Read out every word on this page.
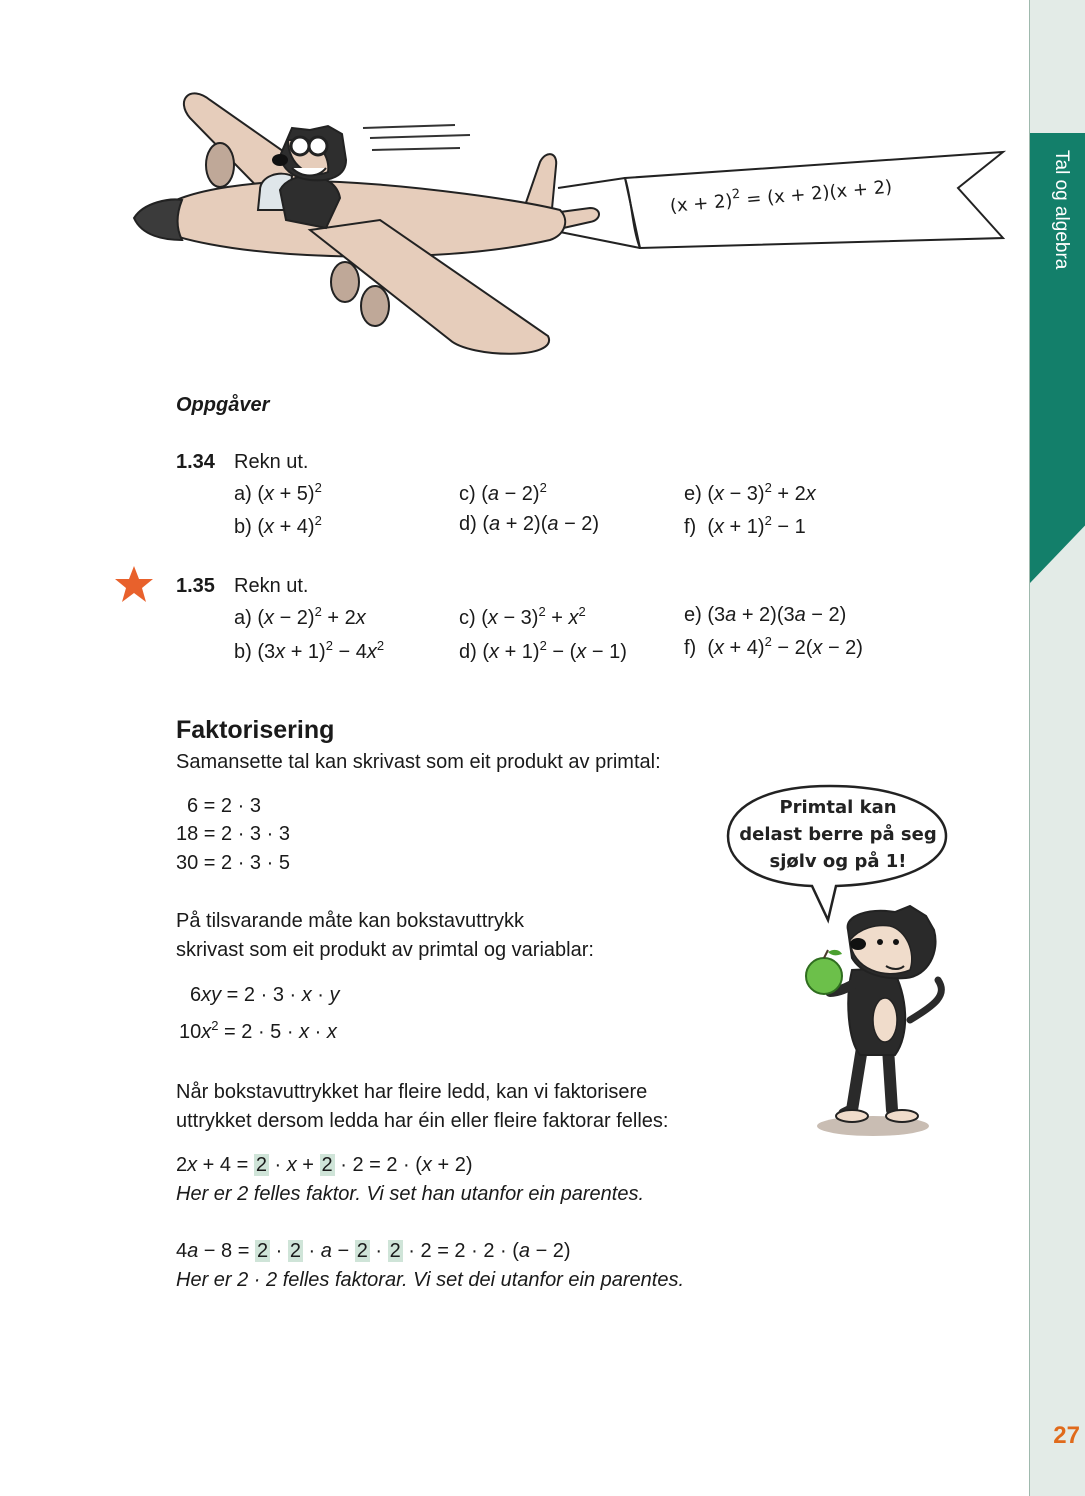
Tal og algebra
27
$(x + 2)^2 = (x + 2)(x + 2)$
Oppgåver
1.34 Rekn ut.
a) $(x + 5)^2$
b) $(x + 4)^2$
c) $(a - 2)^2$
d) (a + 2)(a − 2)
e) $(x - 3)^2 + 2x$
f)  $(x + 1)^2 - 1$
1.35 Rekn ut.
a) $(x - 2)^2 + 2x$
b) $(3x + 1)^2 - 4x^2$
c) $(x - 3)^2 + x^2$
d) $(x + 1)^2 - (x - 1)$
e) (3a + 2)(3a − 2)
f)  $(x + 4)^2 - 2(x - 2)$
Faktorisering
Samansette tal kan skrivast som eit produkt av primtal:
6 = 2 · 3
18 = 2 · 3 · 3
30 = 2 · 3 · 5
På tilsvarande måte kan bokstavuttrykk
skrivast som eit produkt av primtal og variablar:
6xy = 2 · 3 · x · y
$10x^2 = 2 \cdot 5 \cdot x \cdot x$
Når bokstavuttrykket har fleire ledd, kan vi faktorisere
uttrykket dersom ledda har éin eller fleire faktorar felles:
2x + 4 = 2 · x + 2 · 2 = 2 · (x + 2)
Her er 2 felles faktor. Vi set han utanfor ein parentes.
4a − 8 = 2 · 2 · a − 2 · 2 · 2 = 2 · 2 · (a − 2)
Her er 2 · 2 felles faktorar. Vi set dei utanfor ein parentes.
Primtal kan
delast berre på seg
sjølv og på 1!
